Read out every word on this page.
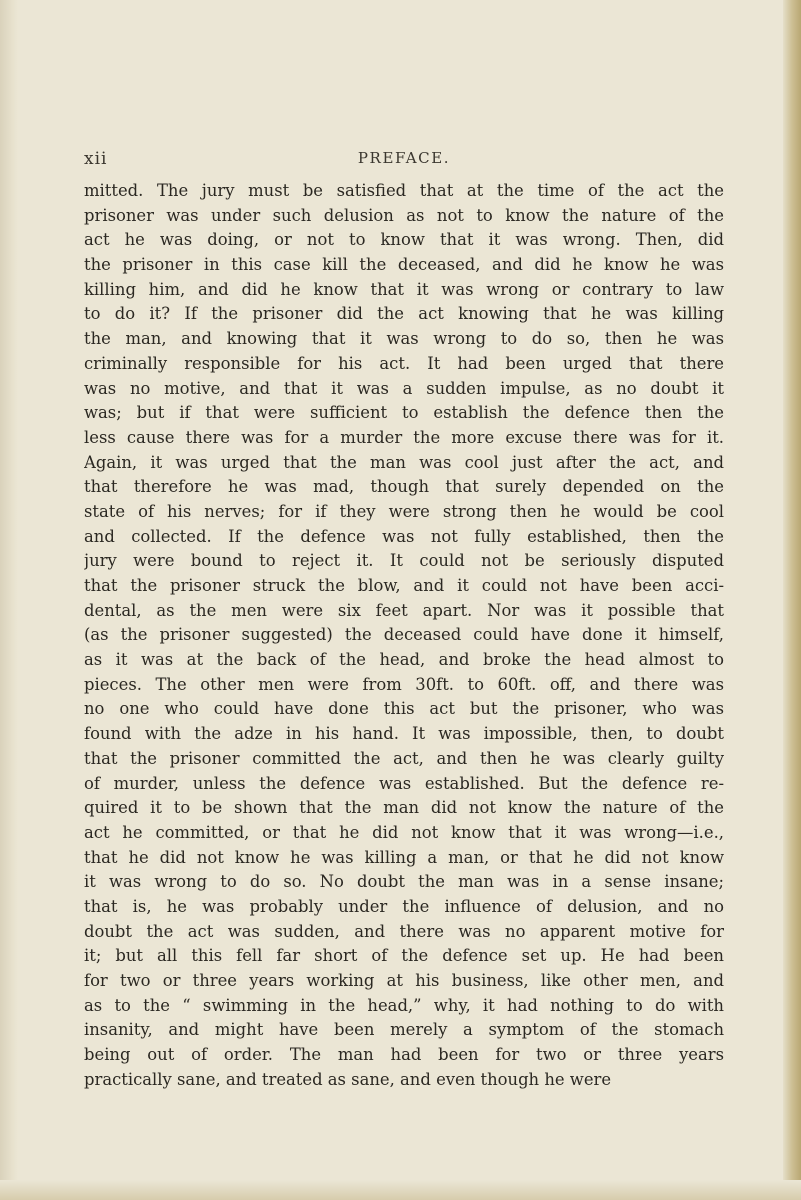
PREFACE.
xii
mitted. The jury must be satisfied that at the time of the act the
prisoner was under such delusion as not to know the nature of the
act he was doing, or not to know that it was wrong. Then, did
the prisoner in this case kill the deceased, and did he know he was
killing him, and did he know that it was wrong or contrary to law
to do it? If the prisoner did the act knowing that he was killing
the man, and knowing that it was wrong to do so, then he was
criminally responsible for his act. It had been urged that there
was no motive, and that it was a sudden impulse, as no doubt it
was; but if that were sufficient to establish the defence then the
less cause there was for a murder the more excuse there was for it.
Again, it was urged that the man was cool just after the act, and
that therefore he was mad, though that surely depended on the
state of his nerves; for if they were strong then he would be cool
and collected. If the defence was not fully established, then the
jury were bound to reject it. It could not be seriously disputed
that the prisoner struck the blow, and it could not have been acci-
dental, as the men were six feet apart. Nor was it possible that
(as the prisoner suggested) the deceased could have done it himself,
as it was at the back of the head, and broke the head almost to
pieces. The other men were from 30ft. to 60ft. off, and there was
no one who could have done this act but the prisoner, who was
found with the adze in his hand. It was impossible, then, to doubt
that the prisoner committed the act, and then he was clearly guilty
of murder, unless the defence was established. But the defence re-
quired it to be shown that the man did not know the nature of the
act he committed, or that he did not know that it was wrong—i.e.,
that he did not know he was killing a man, or that he did not know
it was wrong to do so. No doubt the man was in a sense insane;
that is, he was probably under the influence of delusion, and no
doubt the act was sudden, and there was no apparent motive for
it; but all this fell far short of the defence set up. He had been
for two or three years working at his business, like other men, and
as to the “ swimming in the head,” why, it had nothing to do with
insanity, and might have been merely a symptom of the stomach
being out of order. The man had been for two or three years
practically sane, and treated as sane, and even though he were
